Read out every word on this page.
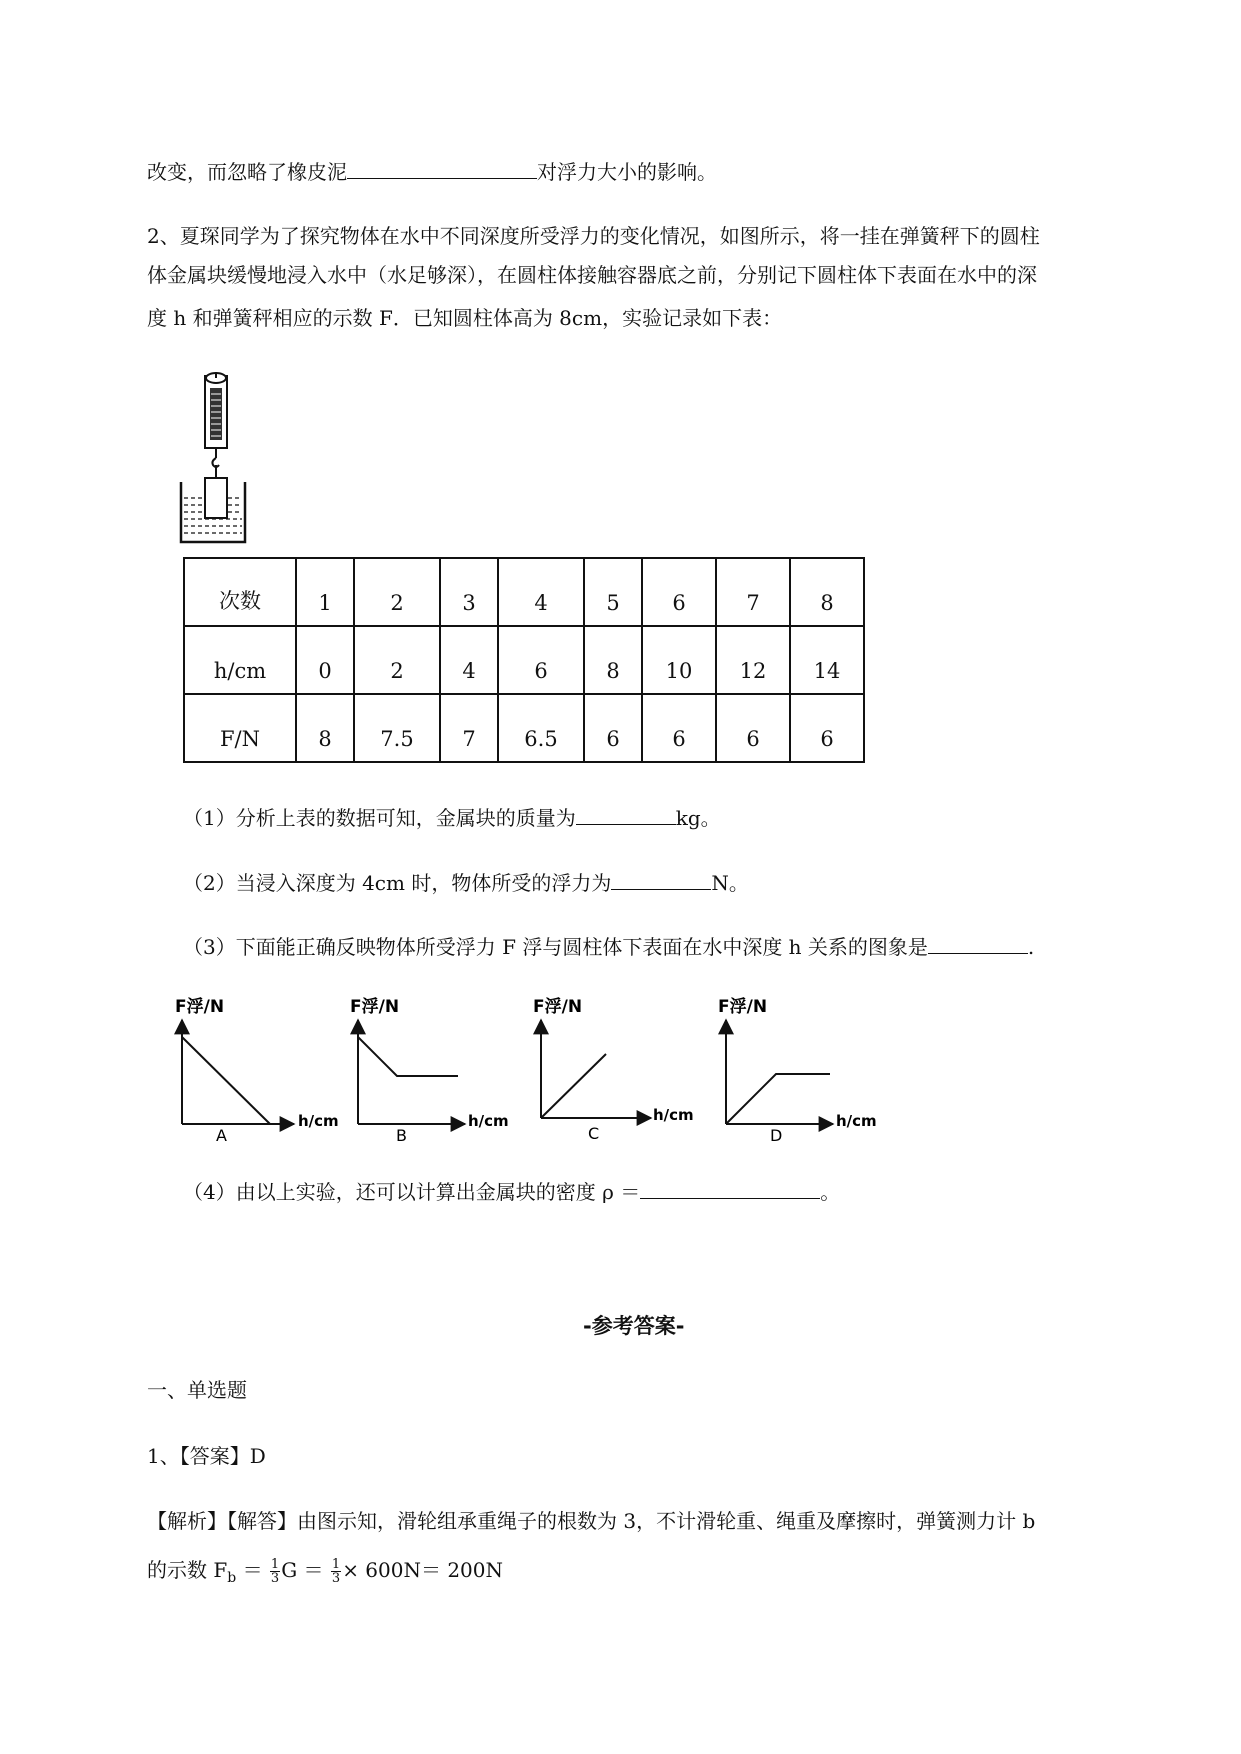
改变，而忽略了橡皮泥	对浮力大小的影响。
2、夏琛同学为了探究物体在水中不同深度所受浮力的变化情况，如图所示，将一挂在弹簧秤下的圆柱
体金属块缓慢地浸入水中（水足够深），在圆柱体接触容器底之前，分别记下圆柱体下表面在水中的深
度 h 和弹簧秤相应的示数 F．已知圆柱体高为 8cm，实验记录如下表：
次数	1	2	3	4	5	6	7	8
h/cm	0	2	4	6	8	10	12	14
F/N	8	7.5	7	6.5	6	6	6	6
（1）分析上表的数据可知，金属块的质量为	kg。
（2）当浸入深度为 4cm 时，物体所受的浮力为	N。
（3）下面能正确反映物体所受浮力 F 浮与圆柱体下表面在水中深度 h 关系的图象是	.
F浮/N
h/cm
A
F浮/N
h/cm
B
F浮/N
h/cm
C
F浮/N
h/cm
D
（4）由以上实验，还可以计算出金属块的密度 ρ ＝	。
-参考答案-
一、单选题
1、【答案】D
【解析】【解答】由图示知，滑轮组承重绳子的根数为 3，不计滑轮重、绳重及摩擦时，弹簧测力计 b
的示数 $F_b = \frac{1}{3}$ $G = \frac{1}{3} \times 600N= 200N$
